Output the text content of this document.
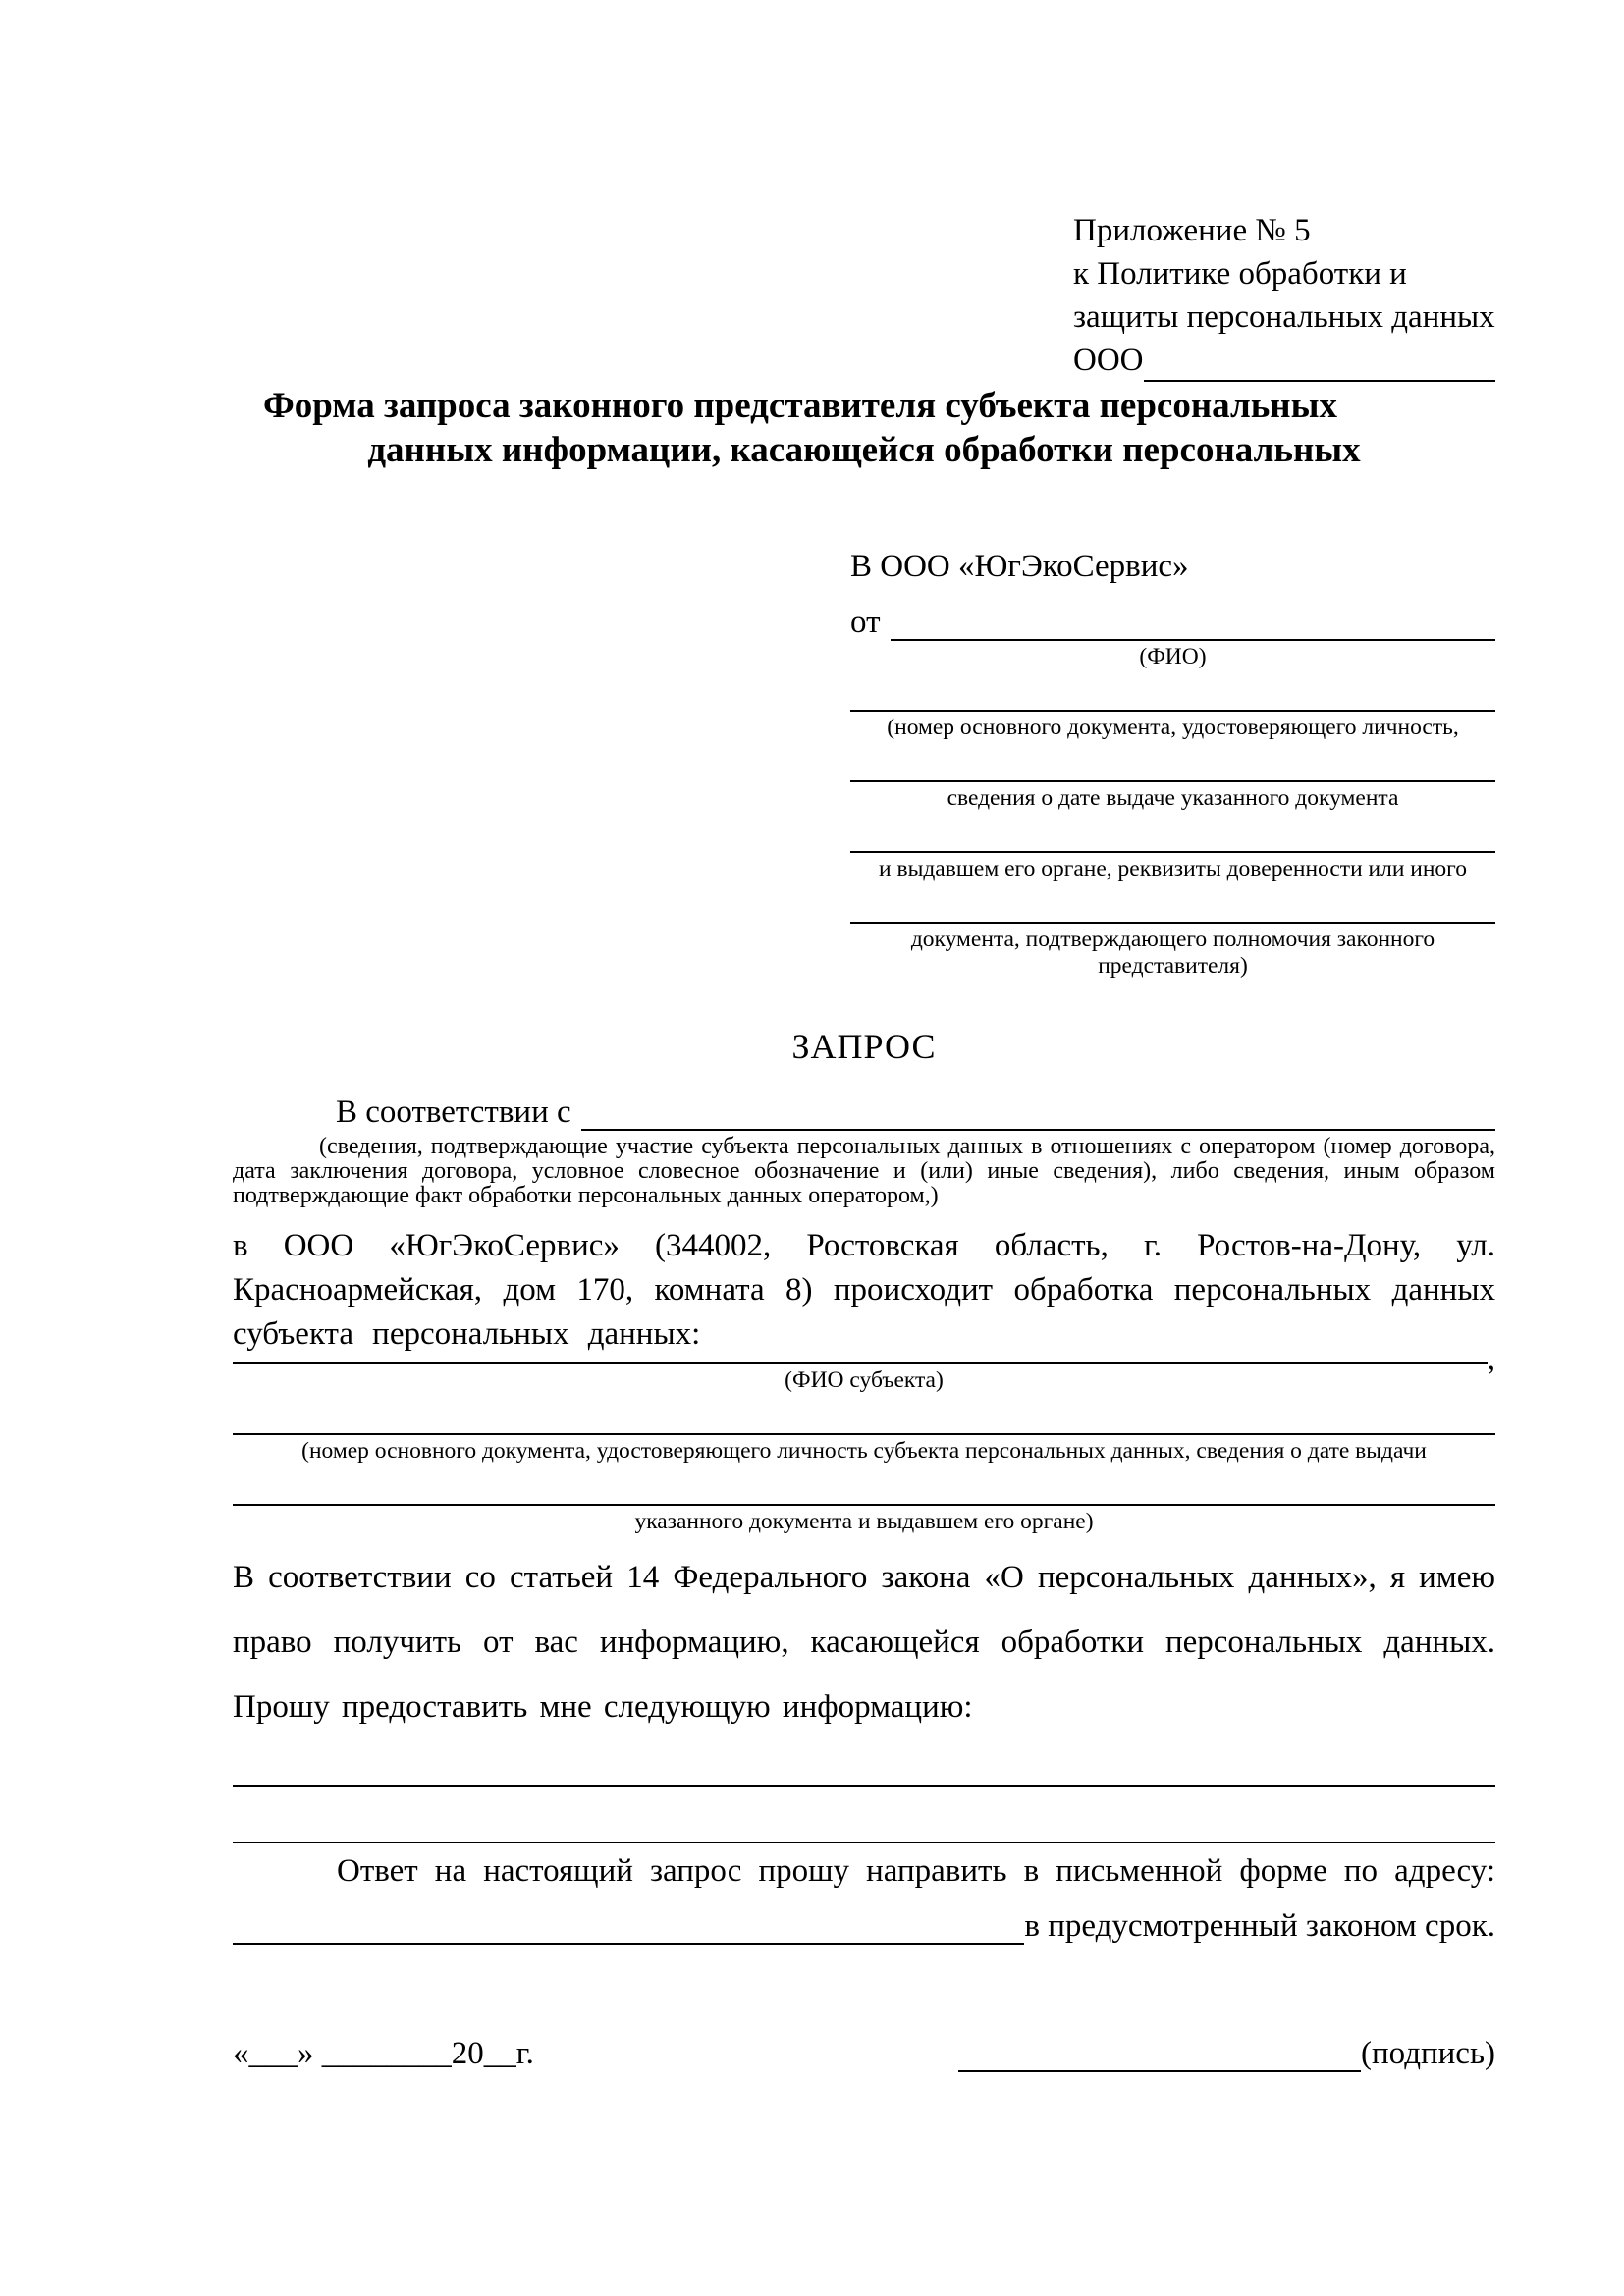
Приложение № 5
к Политике обработки и
защиты персональных данных
ООО
Форма запроса законного представителя субъекта персональных
данных информации, касающейся обработки персональных
В ООО «ЮгЭкоСервис»
от
(ФИО)
(номер основного документа, удостоверяющего личность,
сведения о дате выдаче указанного документа
и выдавшем его органе, реквизиты доверенности или иного
документа, подтверждающего полномочия законного представителя)
ЗАПРОС
В соответствии с
(сведения, подтверждающие участие субъекта персональных данных в отношениях с оператором (номер договора, дата заключения договора, условное словесное обозначение и (или) иные сведения), либо сведения, иным образом подтверждающие факт обработки персональных данных оператором,)

в ООО «ЮгЭкоСервис» (344002, Ростовская область, г. Ростов-на-Дону, ул. Красноармейская, дом 170, комната 8) происходит обработка персональных данных субъекта персональных данных:

,
(ФИО субъекта)
(номер основного документа, удостоверяющего личность субъекта персональных данных, сведения о дате выдачи
указанного документа и выдавшем его органе)

В соответствии со статьей 14 Федерального закона «О персональных данных», я имею право получить от вас информацию, касающейся обработки персональных данных. Прошу предоставить мне следующую информацию:

Ответ на настоящий запрос прошу направить в письменной форме по адресу:

в предусмотренный законом срок.
«___» ________20__г.	(подпись)
